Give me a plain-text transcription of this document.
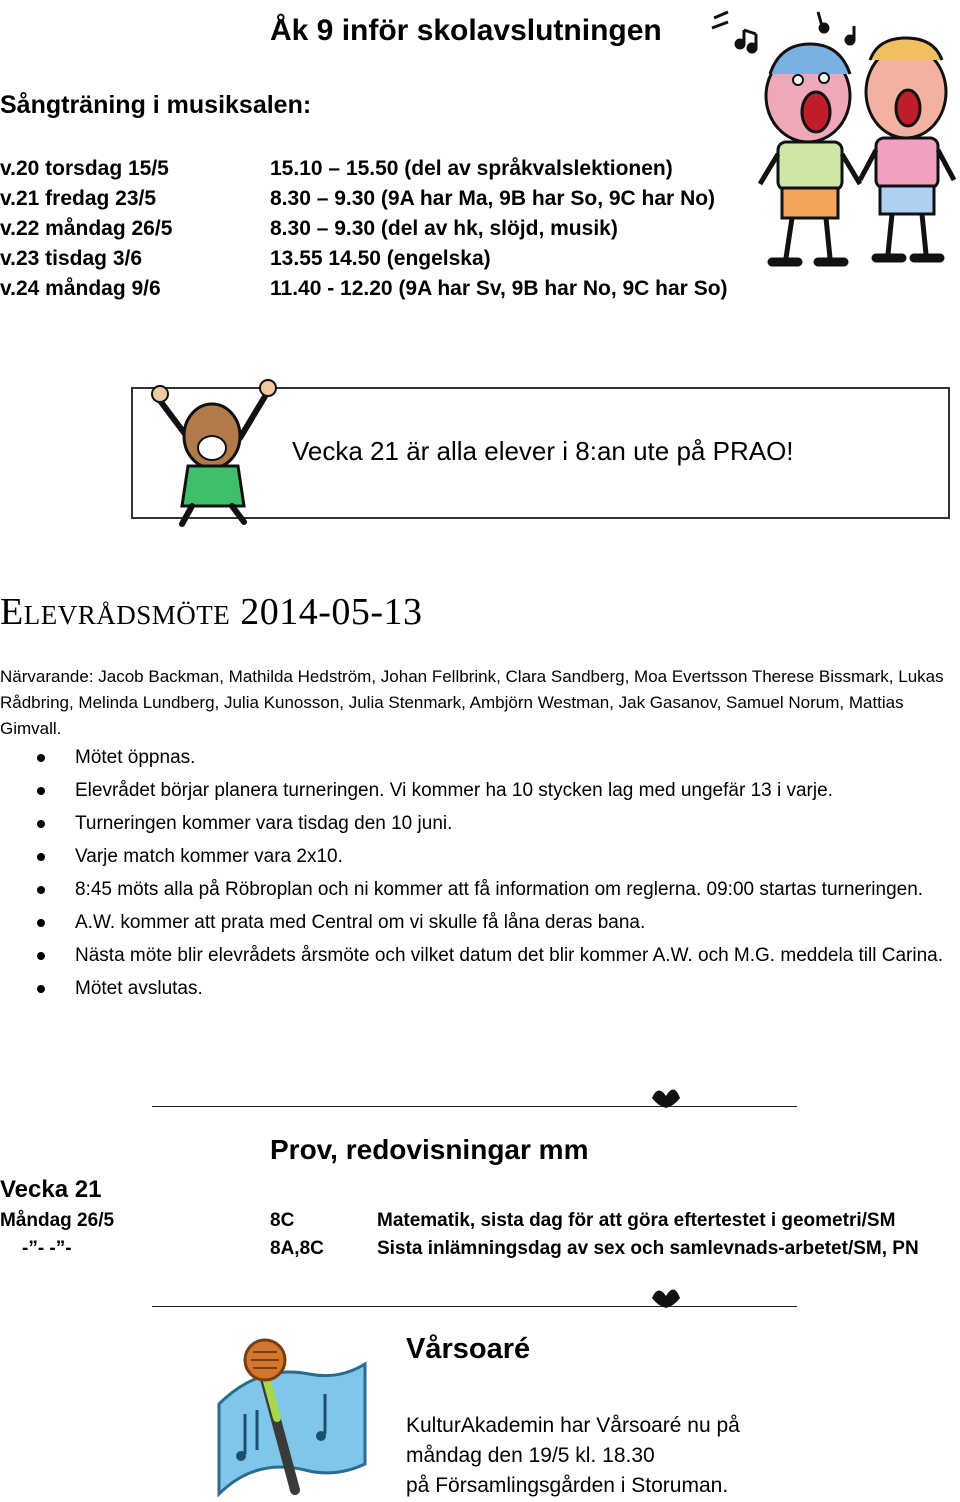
Åk 9 inför skolavslutningen
Sångträning i musiksalen:
v.20 torsdag 15/5	15.10 – 15.50 (del av språkvalslektionen)
v.21 fredag 23/5	8.30 – 9.30 (9A har Ma, 9B har So, 9C har No)
v.22 måndag 26/5	8.30 – 9.30 (del av hk, slöjd, musik)
v.23 tisdag 3/6	13.55 14.50 (engelska)
v.24 måndag 9/6	11.40 - 12.20 (9A har Sv, 9B har No, 9C har So)
Vecka 21 är alla elever i 8:an ute på PRAO!
Elevrådsmöte 2014-05-13
Närvarande: Jacob Backman, Mathilda Hedström, Johan Fellbrink, Clara Sandberg, Moa Evertsson Therese Bissmark, Lukas Rådbring, Melinda Lundberg, Julia Kunosson, Julia Stenmark, Ambjörn Westman, Jak Gasanov, Samuel Norum, Mattias Gimvall.
Mötet öppnas.
Elevrådet börjar planera turneringen. Vi kommer ha 10 stycken lag med ungefär 13 i varje.
Turneringen kommer vara tisdag den 10 juni.
Varje match kommer vara 2x10.
8:45 möts alla på Röbroplan och ni kommer att få information om reglerna. 09:00 startas turneringen.
A.W. kommer att prata med Central om vi skulle få låna deras bana.
Nästa möte blir elevrådets årsmöte och vilket datum det blir kommer A.W. och M.G. meddela till Carina.
Mötet avslutas.
Prov, redovisningar mm
Vecka 21
Måndag 26/5	8C	Matematik, sista dag för att göra eftertestet i geometri/SM
-”- -”-	8A,8C	Sista inlämningsdag av sex och samlevnads-arbetet/SM, PN
Vårsoaré
KulturAkademin har Vårsoaré nu på
måndag den 19/5 kl. 18.30
på Församlingsgården i Storuman.
